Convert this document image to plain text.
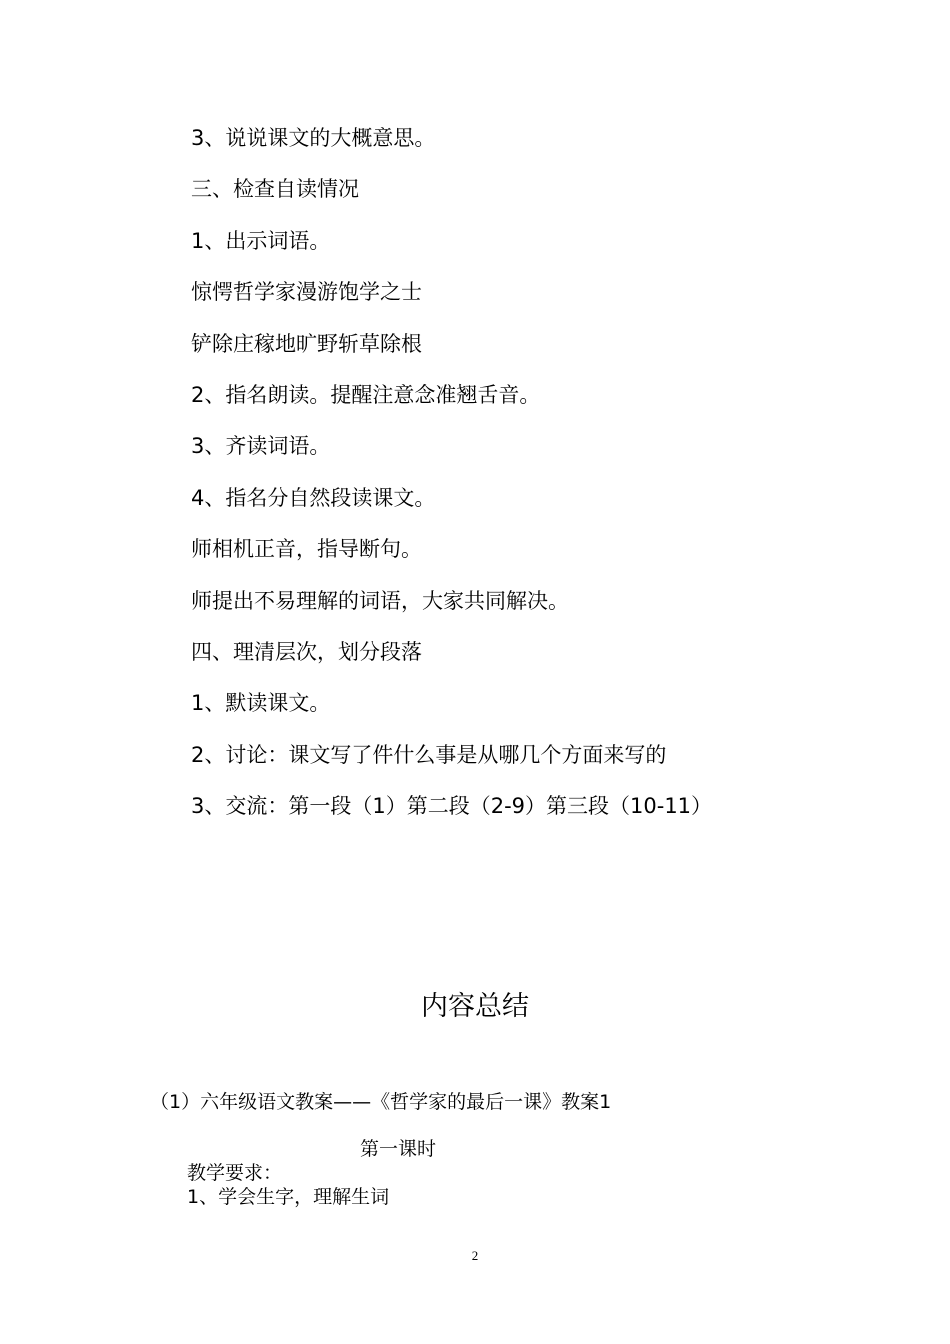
3、说说课文的大概意思。
三、检查自读情况
1、出示词语。
惊愕哲学家漫游饱学之士
铲除庄稼地旷野斩草除根
2、指名朗读。提醒注意念准翘舌音。
3、齐读词语。
4、指名分自然段读课文。
师相机正音，指导断句。
师提出不易理解的词语，大家共同解决。
四、理清层次，划分段落
1、默读课文。
2、讨论：课文写了件什么事是从哪几个方面来写的
3、交流：第一段（1）第二段（2-9）第三段（10-11）
内容总结
（1）六年级语文教案——《哲学家的最后一课》教案1
第一课时
教学要求：
1、学会生字，理解生词
2
